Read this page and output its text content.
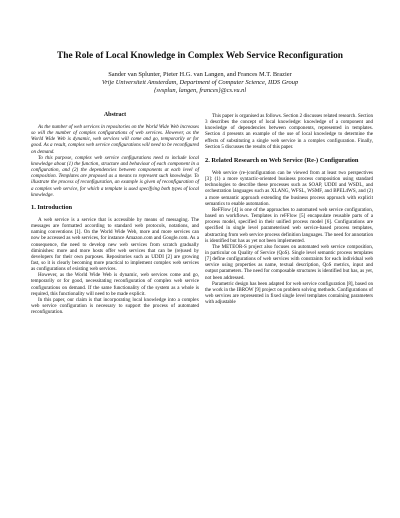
The Role of Local Knowledge in Complex Web Service Reconfiguration
Sander van Splunter, Pieter H.G. van Langen, and Frances M.T. Brazier
Vrije Universiteit Amsterdam, Department of Computer Science, IIDS Group
{svsplun, langen, frances}@cs.vu.nl
Abstract

As the number of web services in repositories on the World Wide Web increases so will the number of complex configurations of web services. However, as the World Wide Web is dynamic, web services will come and go, temporarily or for good. As a result, complex web service configurations will need to be reconfigured on demand.

To this purpose, complex web service configurations need to include local knowledge about (1) the function, structure and behaviour of each component in a configuration, and (2) the dependencies between components at each level of composition. Templates are proposed as a means to represent such knowledge. To illustrate the process of reconfiguration, an example is given of reconfiguration of a complex web service, for which a template is used specifying both types of local knowledge.

1. Introduction

A web service is a service that is accessible by means of messaging. The messages are formatted according to standard web protocols, notations, and naming conventions [1]. On the World Wide Web, more and more services can now be accessed as web services, for instance Amazon.com and Google.com. As a consequence, the need to develop new web services from scratch gradually diminishes: more and more hosts offer web services that can be (re)used by developers for their own purposes. Repositories such as UDDI [2] are growing fast, so it is clearly becoming more practical to implement complex web services as configurations of existing web services.

However, as the World Wide Web is dynamic, web services come and go, temporarily or for good, necessitating reconfiguration of complex web service configurations on demand. If the same functionality of the system as a whole is required, this functionality will need to be made explicit.

In this paper, our claim is that incorporating local knowledge into a complex web service configuration is necessary to support the process of automated reconfiguration.

This paper is organised as follows. Section 2 discusses related research. Section 3 describes the concept of local knowledge: knowledge of a component and knowledge of dependencies between components, represented in templates. Section 4 presents an example of the use of local knowledge to determine the effects of substituting a single web service in a complex configuration. Finally, Section 5 discusses the results of this paper.

2. Related Research on Web Service (Re-) Configuration

Web service (re-)configuration can be viewed from at least two perspectives [3]: (1) a more syntactic-oriented business process composition using standard technologies to describe these processes such as SOAP, UDDI and WSDL, and orchestration languages such as XLANG, WFSL, WSMF, and BPEL4WS, and (2) a more semantic approach extending the business process approach with explicit semantics to enable automation.

ReFFlow [4] is one of the approaches to automated web service configuration, based on workflows. Templates in reFFlow [5] encapsulate reusable parts of a process model, specified in their unified process model [6]. Configurations are specified in single level parameterised web service-based process templates, abstracting from web service process definition languages. The need for annotation is identified but has as yet not been implemented.

The METEOR-S project also focuses on automated web service composition, in particular on Quality of Service (QoS). Single level semantic process templates [7] define configurations of web services with constraints for each individual web service using properties as name, textual description, QoS metrics, input and output parameters. The need for composable structures is identified but has, as yet, not been addressed.

Parametric design has been adapted for web service configuration [8], based on the work in the IBROW [9] project on problem solving methods. Configurations of web services are represented in fixed single level templates containing parameters with adjustable
